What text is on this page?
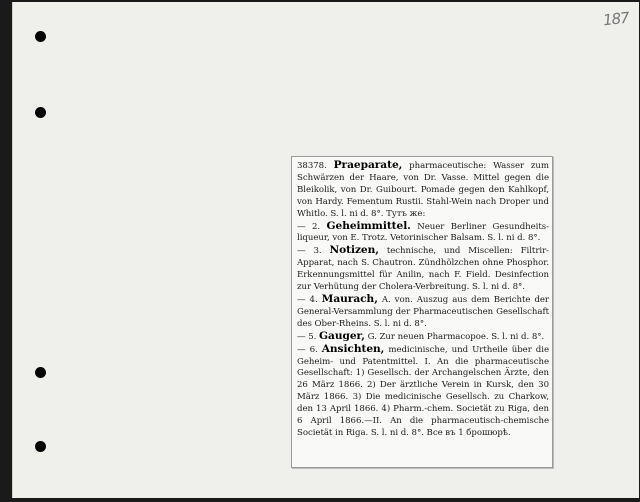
187

38378. Praeparate, pharmaceutische: Wasser zum Schwärzen der Haare, von Dr. Vasse. Mittel gegen die Bleikolik, von Dr. Guibourt. Pomade gegen den Kahlkopf, von Hardy. Fementum Rustii. Stahl-Wein nach Droper und Whitlo. S. l. ni d. 8°. Тутъ же:

— 2. Geheimmittel. Neuer Berliner Gesundheits-liqueur, von E. Trotz. Vetorinischer Balsam. S. l. ni d. 8°.

— 3. Notizen, technische, und Miscellen: Filtrir-Apparat, nach S. Chautron. Zündhölzchen ohne Phosphor. Erkennungsmittel für Anilin, nach F. Field. Desinfection zur Verhütung der Cholera-Verbreitung. S. l. ni d. 8°.

— 4. Maurach, A. von. Auszug aus dem Berichte der General-Versammlung der Pharmaceutischen Gesellschaft des Ober-Rheins. S. l. ni d. 8°.

— 5. Gauger, G. Zur neuen Pharmacopoe. S. l. ni d. 8°.

— 6. Ansichten, medicinische, und Urtheile über die Geheim- und Patentmittel. I. An die pharmaceutische Gesellschaft: 1) Gesellsch. der Archangelschen Ärzte, den 26 März 1866. 2) Der ärztliche Verein in Kursk, den 30 März 1866. 3) Die medicinische Gesellsch. zu Charkow, den 13 April 1866. 4) Pharm.-chem. Societät zu Riga, den 6 April 1866.—II. An die pharmaceutisch-chemische Societät in Riga. S. l. ni d. 8°. Все въ 1 брошюрѣ.
